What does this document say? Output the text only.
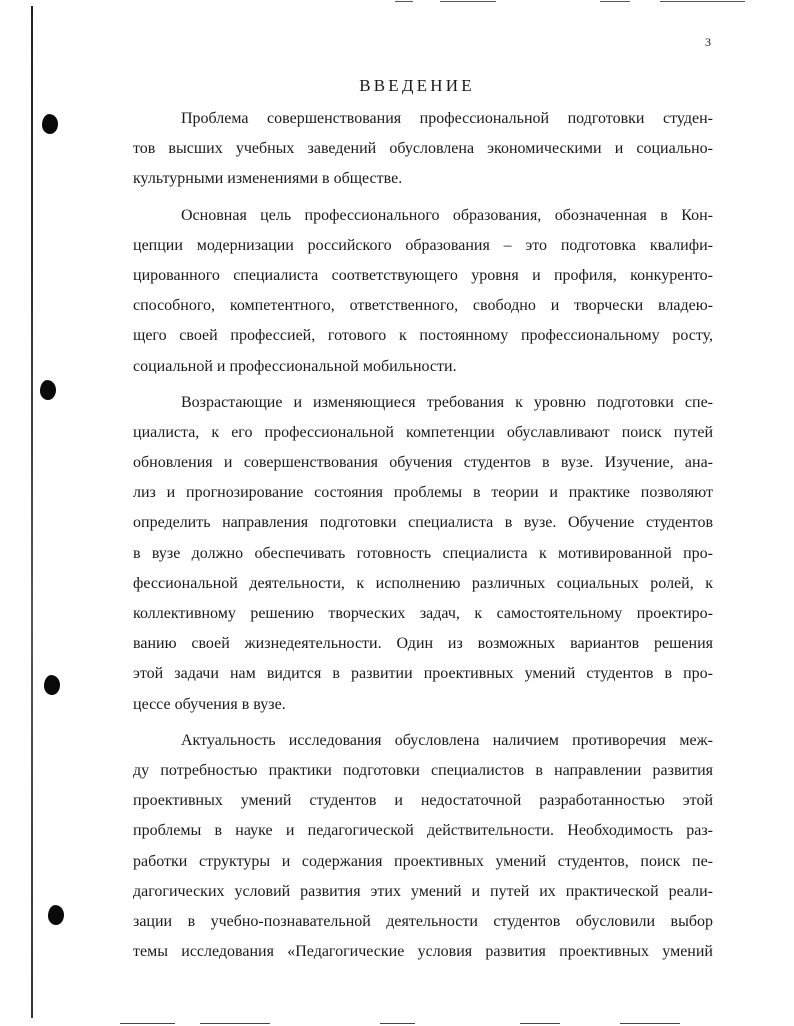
3
ВВЕДЕНИЕ
Проблема совершенствования профессиональной подготовки студен-
тов высших учебных заведений обусловлена экономическими и социально-
культурными изменениями в обществе.
Основная цель профессионального образования, обозначенная в Кон-
цепции модернизации российского образования – это подготовка квалифи-
цированного специалиста соответствующего уровня и профиля, конкуренто-
способного, компетентного, ответственного, свободно и творчески владею-
щего своей профессией, готового к постоянному профессиональному росту,
социальной и профессиональной мобильности.
Возрастающие и изменяющиеся требования к уровню подготовки спе-
циалиста, к его профессиональной компетенции обуславливают поиск путей
обновления и совершенствования обучения студентов в вузе. Изучение, ана-
лиз и прогнозирование состояния проблемы в теории и практике позволяют
определить направления подготовки специалиста в вузе. Обучение студентов
в вузе должно обеспечивать готовность специалиста к мотивированной про-
фессиональной деятельности, к исполнению различных социальных ролей, к
коллективному решению творческих задач, к самостоятельному проектиро-
ванию своей жизнедеятельности. Один из возможных вариантов решения
этой задачи нам видится в развитии проективных умений студентов в про-
цессе обучения в вузе.
Актуальность исследования обусловлена наличием противоречия меж-
ду потребностью практики подготовки специалистов в направлении развития
проективных умений студентов и недостаточной разработанностью этой
проблемы в науке и педагогической действительности. Необходимость раз-
работки структуры и содержания проективных умений студентов, поиск пе-
дагогических условий развития этих умений и путей их практической реали-
зации в учебно-познавательной деятельности студентов обусловили выбор
темы исследования «Педагогические условия развития проективных умений
